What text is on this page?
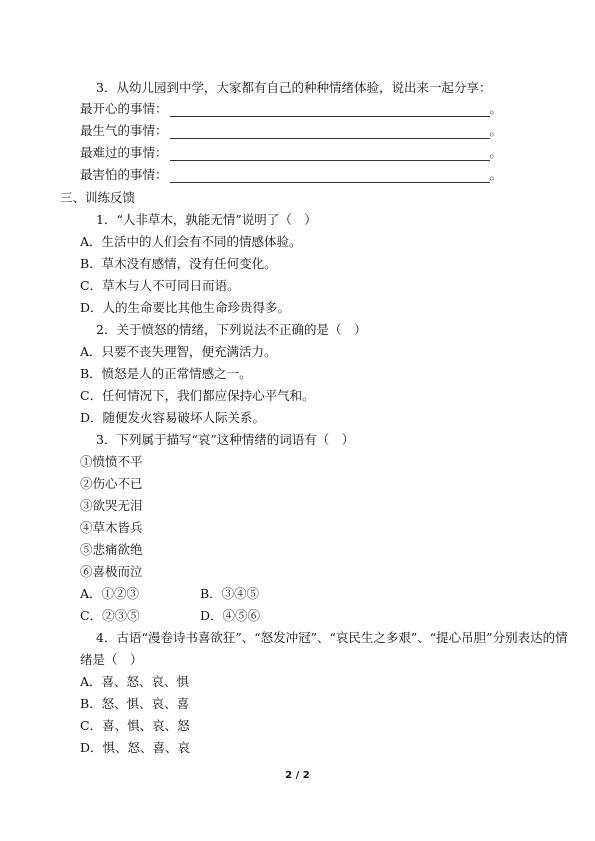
3．从幼儿园到中学，大家都有自己的种种情绪体验，说出来一起分享：
最开心的事情：	。
最生气的事情：	。
最难过的事情：	。
最害怕的事情：	。
三、训练反馈
1．“人非草木，孰能无情”说明了（　）
A．生活中的人们会有不同的情感体验。
B．草木没有感情，没有任何变化。
C．草木与人不可同日而语。
D．人的生命要比其他生命珍贵得多。
2．关于愤怒的情绪，下列说法不正确的是（　）
A．只要不丧失理智，便充满活力。
B．愤怒是人的正常情感之一。
C．任何情况下，我们都应保持心平气和。
D．随便发火容易破坏人际关系。
3．下列属于描写“哀”这种情绪的词语有（　）
①愤愤不平
②伤心不已
③欲哭无泪
④草木皆兵
⑤悲痛欲绝
⑥喜极而泣
A．①②③	B．③④⑤
C．②③⑤	D．④⑤⑥
4．古语“漫卷诗书喜欲狂”、“怒发冲冠”、“哀民生之多艰”、“提心吊胆”分别表达的情
绪是（　）
A．喜、怒、哀、惧
B．怒、惧、哀、喜
C．喜、惧、哀、怒
D．惧、怒、喜、哀
2 / 2
